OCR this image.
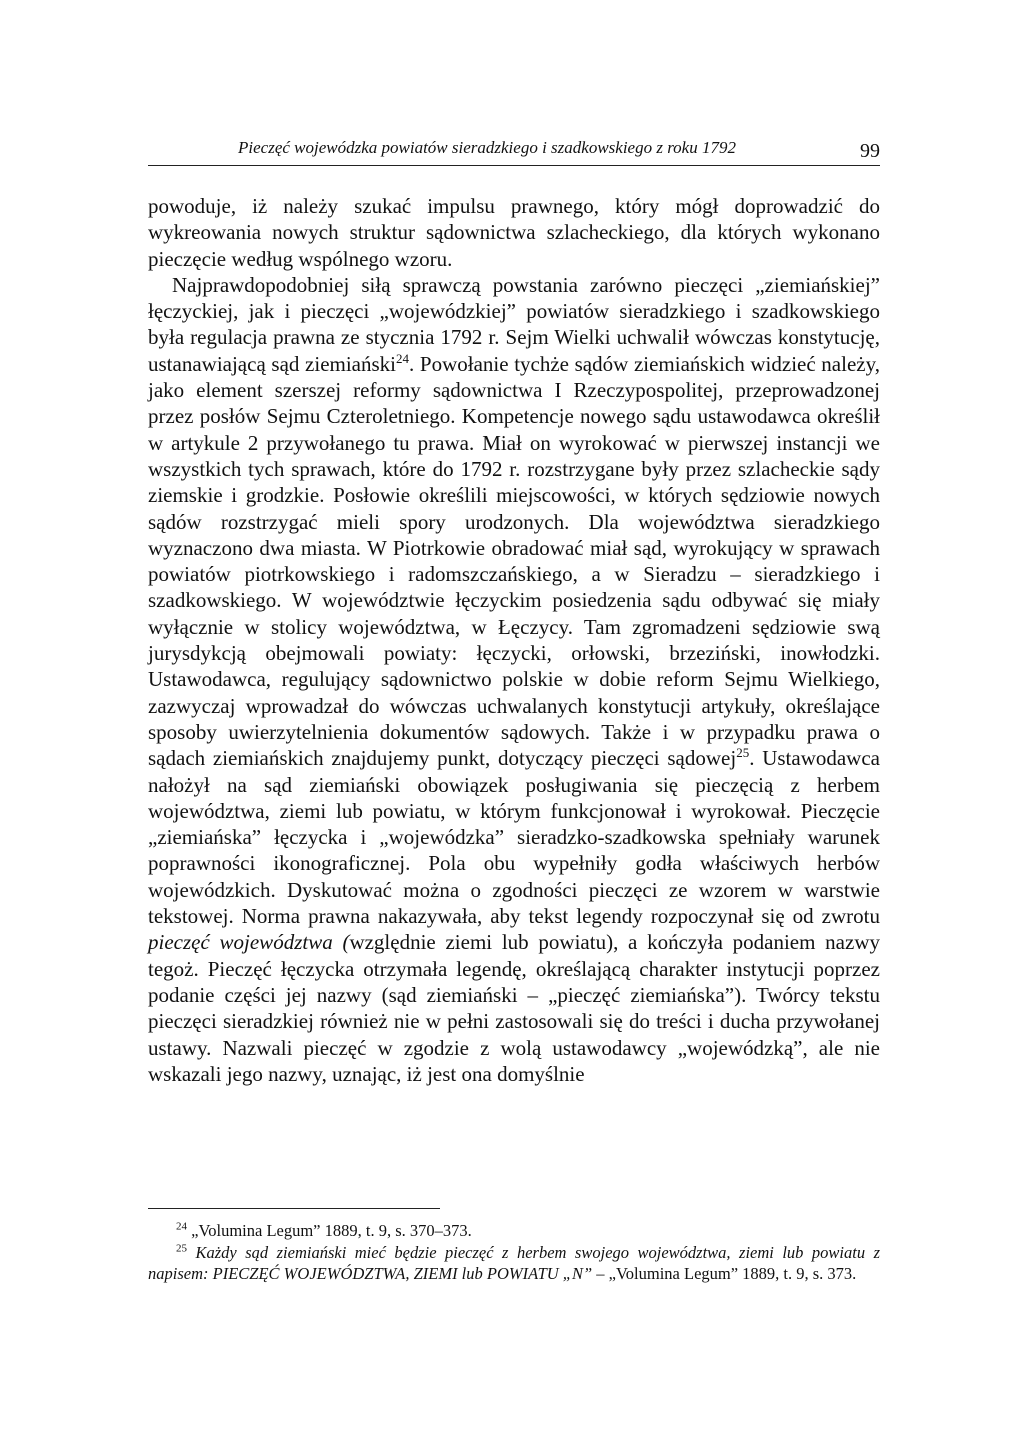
Pieczęć wojewódzka powiatów sieradzkiego i szadkowskiego z roku 1792	99

powoduje, iż należy szukać impulsu prawnego, który mógł doprowadzić do wykreowania nowych struktur sądownictwa szlacheckiego, dla których wykonano pieczęcie według wspólnego wzoru.

Najprawdopodobniej siłą sprawczą powstania zarówno pieczęci „ziemiańskiej” łęczyckiej, jak i pieczęci „wojewódzkiej” powiatów sieradzkiego i szadkowskiego była regulacja prawna ze stycznia 1792 r. Sejm Wielki uchwalił wówczas konstytucję, ustanawiającą sąd ziemiański$^{24}$. Powołanie tychże sądów ziemiańskich widzieć należy, jako element szerszej reformy sądownictwa I Rzeczypospolitej, przeprowadzonej przez posłów Sejmu Czteroletniego. Kompetencje nowego sądu ustawodawca określił w artykule 2 przywołanego tu prawa. Miał on wyrokować w pierwszej instancji we wszystkich tych sprawach, które do 1792 r. rozstrzygane były przez szlacheckie sądy ziemskie i grodzkie. Posłowie określili miejscowości, w których sędziowie nowych sądów rozstrzygać mieli spory urodzonych. Dla województwa sieradzkiego wyznaczono dwa miasta. W Piotrkowie obradować miał sąd, wyrokujący w sprawach powiatów piotrkowskiego i radomszczańskiego, a w Sieradzu – sieradzkiego i szadkowskiego. W województwie łęczyckim posiedzenia sądu odbywać się miały wyłącznie w stolicy województwa, w Łęczycy. Tam zgromadzeni sędziowie swą jurysdykcją obejmowali powiaty: łęczycki, orłowski, brzeziński, inowłodzki. Ustawodawca, regulujący sądownictwo polskie w dobie reform Sejmu Wielkiego, zazwyczaj wprowadzał do wówczas uchwalanych konstytucji artykuły, określające sposoby uwierzytelnienia dokumentów sądowych. Także i w przypadku prawa o sądach ziemiańskich znajdujemy punkt, dotyczący pieczęci sądowej$^{25}$. Ustawodawca nałożył na sąd ziemiański obowiązek posługiwania się pieczęcią z herbem województwa, ziemi lub powiatu, w którym funkcjonował i wyrokował. Pieczęcie „ziemiańska” łęczycka i „wojewódzka” sieradzko-szadkowska spełniały warunek poprawności ikonograficznej. Pola obu wypełniły godła właściwych herbów wojewódzkich. Dyskutować można o zgodności pieczęci ze wzorem w warstwie tekstowej. Norma prawna nakazywała, aby tekst legendy rozpoczynał się od zwrotu pieczęć województwa (względnie ziemi lub powiatu), a kończyła podaniem nazwy tegoż. Pieczęć łęczycka otrzymała legendę, określającą charakter instytucji poprzez podanie części jej nazwy (sąd ziemiański – „pieczęć ziemiańska”). Twórcy tekstu pieczęci sieradzkiej również nie w pełni zastosowali się do treści i ducha przywołanej ustawy. Nazwali pieczęć w zgodzie z wolą ustawodawcy „wojewódzką”, ale nie wskazali jego nazwy, uznając, iż jest ona domyślnie

$^{24}$ „Volumina Legum” 1889, t. 9, s. 370–373.

$^{25}$ Każdy sąd ziemiański mieć będzie pieczęć z herbem swojego województwa, ziemi lub powiatu z napisem: PIECZĘĆ WOJEWÓDZTWA, ZIEMI lub POWIATU „N” – „Volumina Legum” 1889, t. 9, s. 373.
